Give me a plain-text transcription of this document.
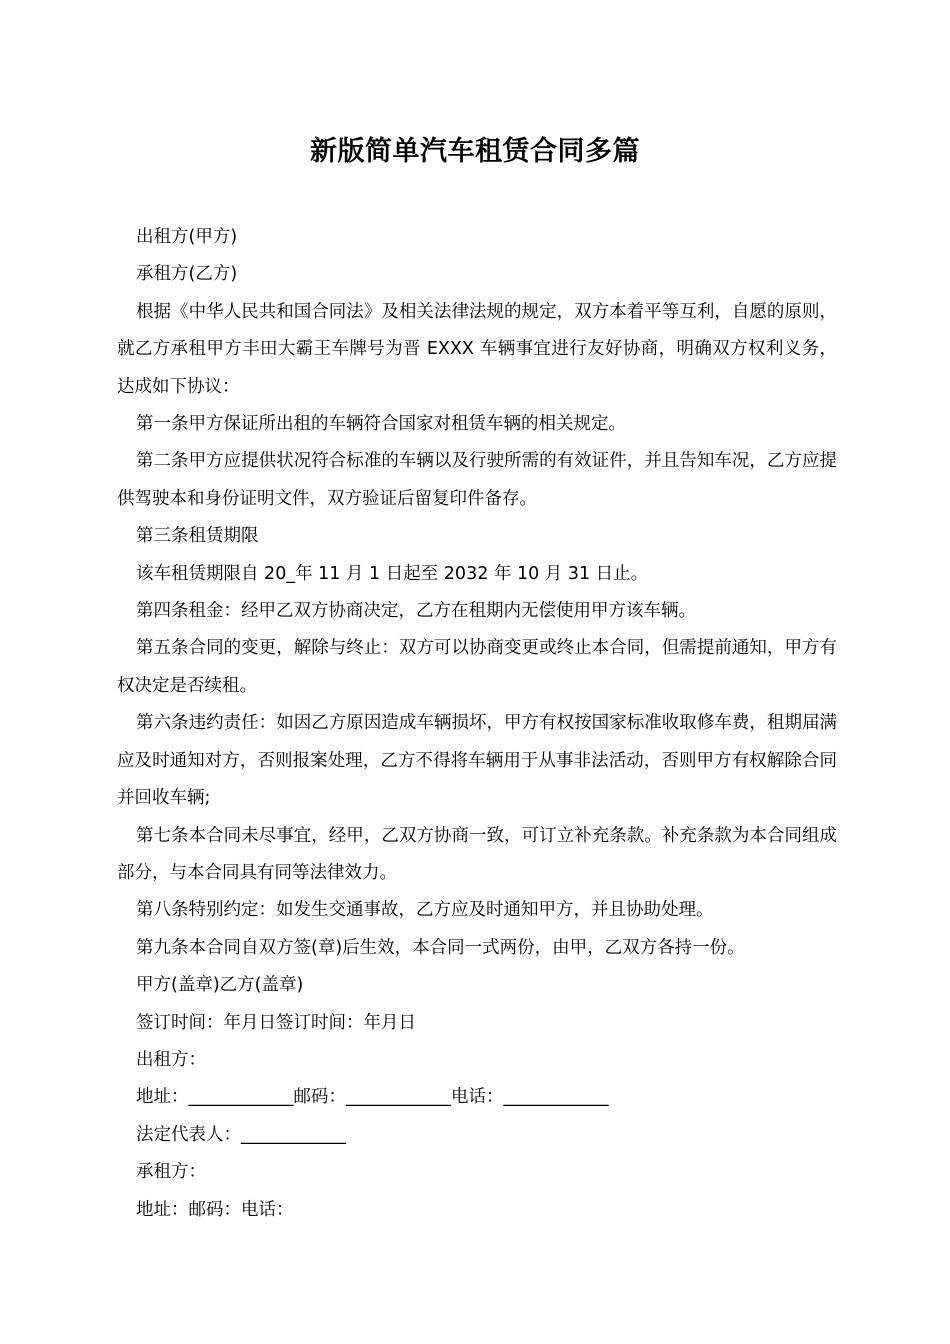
新版简单汽车租赁合同多篇

出租方(甲方)

承租方(乙方)

根据《中华人民共和国合同法》及相关法律法规的规定，双方本着平等互利，自愿的原则，就乙方承租甲方丰田大霸王车牌号为晋 EXXX 车辆事宜进行友好协商，明确双方权利义务，达成如下协议：

第一条甲方保证所出租的车辆符合国家对租赁车辆的相关规定。

第二条甲方应提供状况符合标准的车辆以及行驶所需的有效证件，并且告知车况，乙方应提供驾驶本和身份证明文件，双方验证后留复印件备存。

第三条租赁期限

该车租赁期限自 20_年 11 月 1 日起至 2032 年 10 月 31 日止。

第四条租金：经甲乙双方协商决定，乙方在租期内无偿使用甲方该车辆。

第五条合同的变更，解除与终止：双方可以协商变更或终止本合同，但需提前通知，甲方有权决定是否续租。

第六条违约责任：如因乙方原因造成车辆损坏，甲方有权按国家标准收取修车费，租期届满应及时通知对方，否则报案处理，乙方不得将车辆用于从事非法活动，否则甲方有权解除合同并回收车辆;

第七条本合同未尽事宜，经甲，乙双方协商一致，可订立补充条款。补充条款为本合同组成部分，与本合同具有同等法律效力。

第八条特别约定：如发生交通事故，乙方应及时通知甲方，并且协助处理。

第九条本合同自双方签(章)后生效，本合同一式两份，由甲，乙双方各持一份。

甲方(盖章)乙方(盖章)

签订时间：年月日签订时间：年月日

出租方：

地址：____________邮码：____________电话：____________

法定代表人：____________

承租方：

地址：邮码：电话：
